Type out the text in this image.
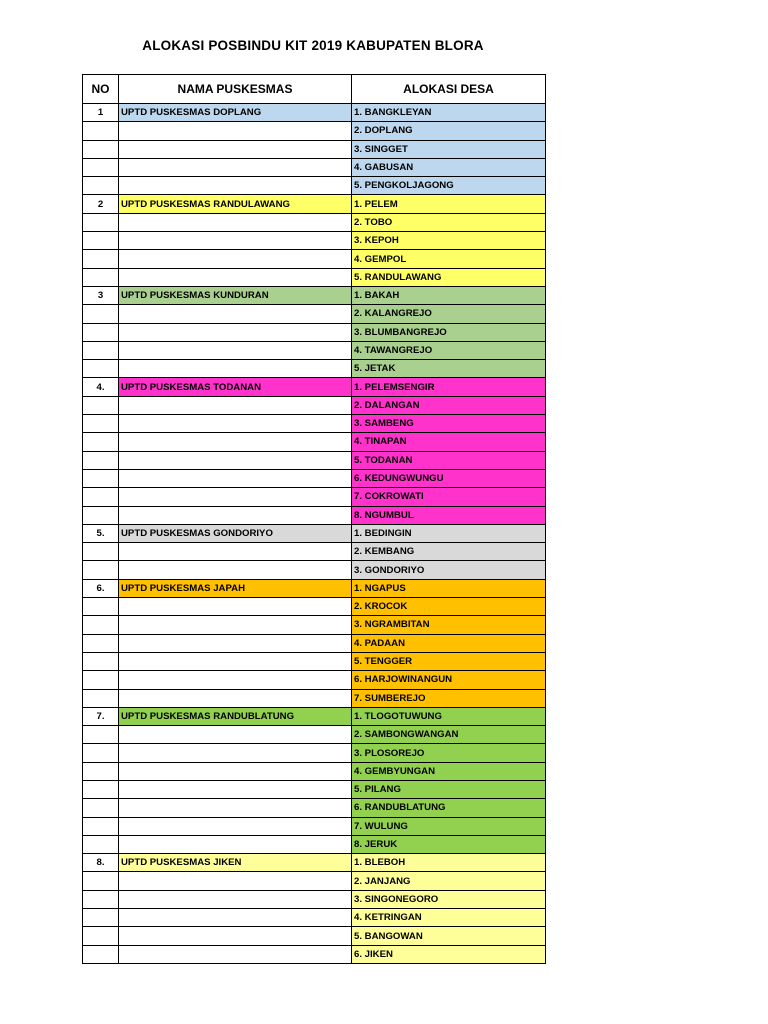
ALOKASI POSBINDU KIT 2019 KABUPATEN BLORA
NO	NAMA PUSKESMAS	ALOKASI DESA
1	UPTD PUSKESMAS DOPLANG	1. BANGKLEYAN
		2. DOPLANG
		3. SINGGET
		4. GABUSAN
		5. PENGKOLJAGONG
2	UPTD PUSKESMAS RANDULAWANG	1. PELEM
		2. TOBO
		3. KEPOH
		4. GEMPOL
		5. RANDULAWANG
3	UPTD PUSKESMAS KUNDURAN	1. BAKAH
		2. KALANGREJO
		3. BLUMBANGREJO
		4. TAWANGREJO
		5. JETAK
4.	UPTD PUSKESMAS TODANAN	1. PELEMSENGIR
		2. DALANGAN
		3. SAMBENG
		4. TINAPAN
		5. TODANAN
		6. KEDUNGWUNGU
		7. COKROWATI
		8. NGUMBUL
5.	UPTD PUSKESMAS GONDORIYO	1. BEDINGIN
		2. KEMBANG
		3. GONDORIYO
6.	UPTD PUSKESMAS JAPAH	1. NGAPUS
		2. KROCOK
		3. NGRAMBITAN
		4. PADAAN
		5. TENGGER
		6. HARJOWINANGUN
		7. SUMBEREJO
7.	UPTD PUSKESMAS RANDUBLATUNG	1. TLOGOTUWUNG
		2. SAMBONGWANGAN
		3. PLOSOREJO
		4. GEMBYUNGAN
		5. PILANG
		6. RANDUBLATUNG
		7. WULUNG
		8. JERUK
8.	UPTD PUSKESMAS JIKEN	1. BLEBOH
		2. JANJANG
		3. SINGONEGORO
		4. KETRINGAN
		5. BANGOWAN
		6. JIKEN
